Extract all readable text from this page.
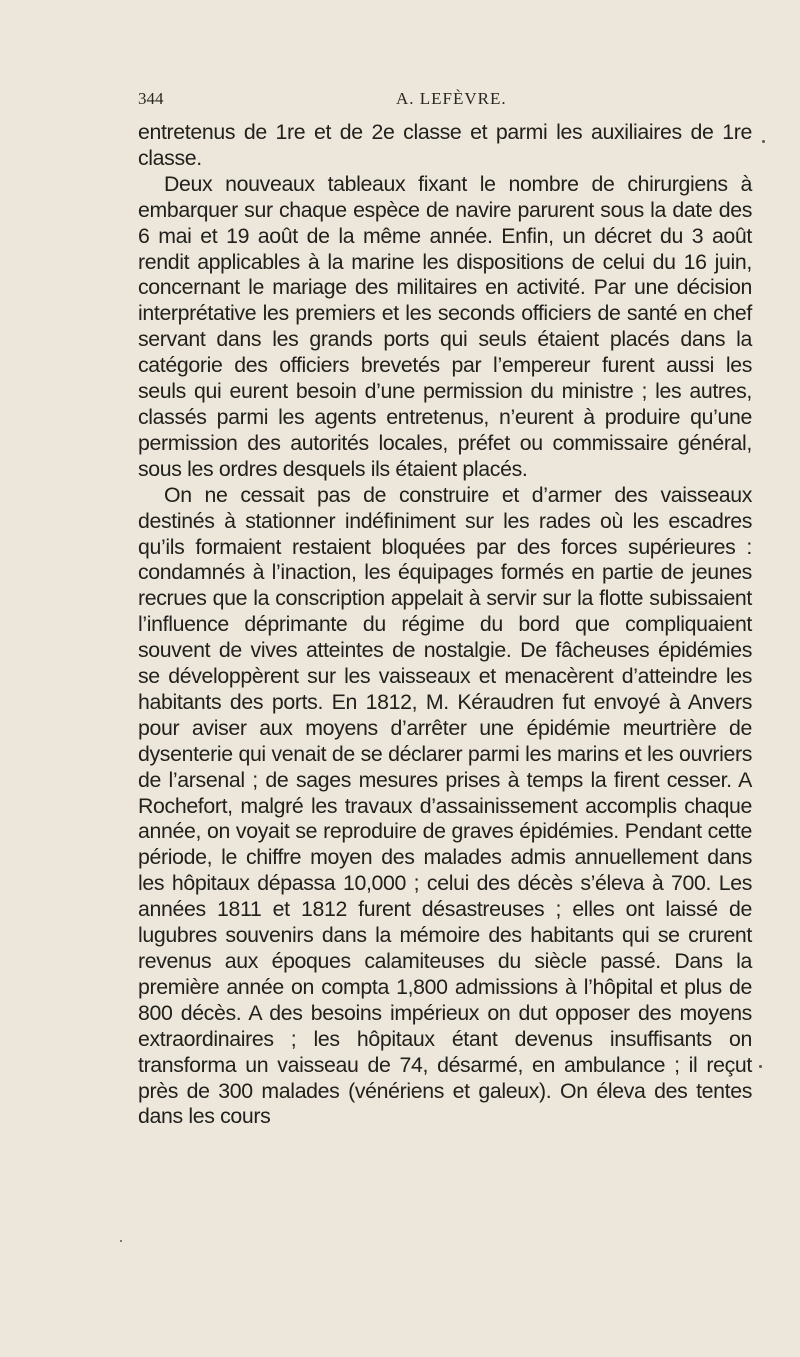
344	A. LEFÈVRE.

entretenus de 1re et de 2e classe et parmi les auxiliaires de 1re classe.

Deux nouveaux tableaux fixant le nombre de chirurgiens à embarquer sur chaque espèce de navire parurent sous la date des 6 mai et 19 août de la même année. Enfin, un décret du 3 août rendit applicables à la marine les dispositions de celui du 16 juin, concernant le mariage des militaires en activité. Par une décision interprétative les premiers et les seconds officiers de santé en chef servant dans les grands ports qui seuls étaient placés dans la catégorie des officiers brevetés par l’empereur furent aussi les seuls qui eurent besoin d’une permission du ministre ; les autres, classés parmi les agents entretenus, n’eurent à produire qu’une permission des autorités locales, préfet ou commissaire général, sous les ordres desquels ils étaient placés.

On ne cessait pas de construire et d’armer des vaisseaux destinés à stationner indéfiniment sur les rades où les escadres qu’ils formaient restaient bloquées par des forces supérieures : condamnés à l’inaction, les équipages formés en partie de jeunes recrues que la conscription appelait à servir sur la flotte subissaient l’influence déprimante du régime du bord que compliquaient souvent de vives atteintes de nostalgie. De fâcheuses épidémies se développèrent sur les vaisseaux et menacèrent d’atteindre les habitants des ports. En 1812, M. Kéraudren fut envoyé à Anvers pour aviser aux moyens d’arrêter une épidémie meurtrière de dysenterie qui venait de se déclarer parmi les marins et les ouvriers de l’arsenal ; de sages mesures prises à temps la firent cesser. A Rochefort, malgré les travaux d’assainissement accomplis chaque année, on voyait se reproduire de graves épidémies. Pendant cette période, le chiffre moyen des malades admis annuellement dans les hôpitaux dépassa 10,000 ; celui des décès s’éleva à 700. Les années 1811 et 1812 furent désastreuses ; elles ont laissé de lugubres souvenirs dans la mémoire des habitants qui se crurent revenus aux époques calamiteuses du siècle passé. Dans la première année on compta 1,800 admissions à l’hôpital et plus de 800 décès. A des besoins impérieux on dut opposer des moyens extraordinaires ; les hôpitaux étant devenus insuffisants on transforma un vaisseau de 74, désarmé, en ambulance ; il reçut près de 300 malades (vénériens et galeux). On éleva des tentes dans les cours
